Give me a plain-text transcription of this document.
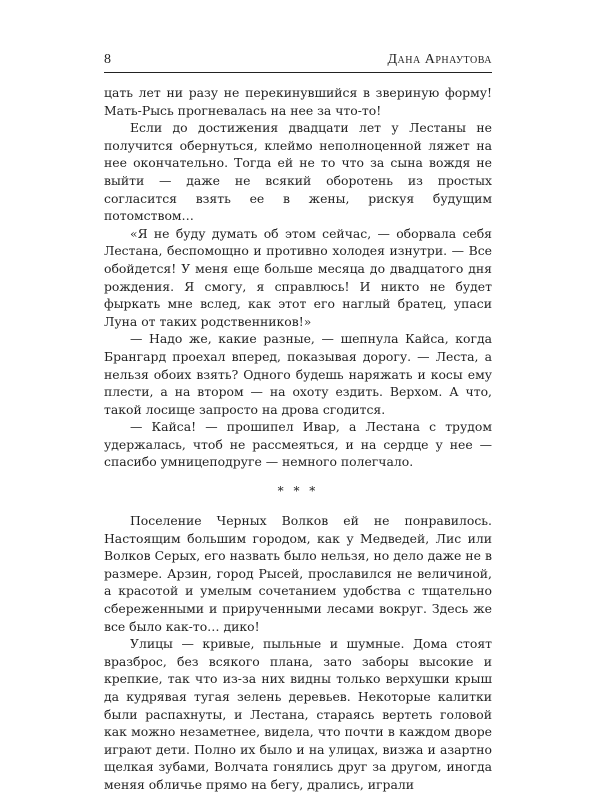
8	Дана Арнаутова

цать лет ни разу не перекинувшийся в звериную форму! Мать-Рысь прогневалась на нее за что-то!

Если до достижения двадцати лет у Лестаны не получится обернуться, клеймо неполноценной ляжет на нее окончательно. Тогда ей не то что за сына вождя не выйти — даже не всякий оборотень из простых согласится взять ее в жены, рискуя будущим потомством…

«Я не буду думать об этом сейчас, — оборвала себя Лестана, беспомощно и противно холодея изнутри. — Все обойдется! У меня еще больше месяца до двадцатого дня рождения. Я смогу, я справлюсь! И никто не будет фыркать мне вслед, как этот его наглый братец, упаси Луна от таких родственников!»

— Надо же, какие разные, — шепнула Кайса, когда Брангард проехал вперед, показывая дорогу. — Леста, а нельзя обоих взять? Одного будешь наряжать и косы ему плести, а на втором — на охоту ездить. Верхом. А что, такой лосище запросто на дрова сгодится.

— Кайса! — прошипел Ивар, а Лестана с трудом удержалась, чтоб не рассмеяться, и на сердце у нее — спасибо умницеподруге — немного полегчало.

* * *

Поселение Черных Волков ей не понравилось. Настоящим большим городом, как у Медведей, Лис или Волков Серых, его назвать было нельзя, но дело даже не в размере. Арзин, город Рысей, прославился не величиной, а красотой и умелым сочетанием удобства с тщательно сбереженными и прирученными лесами вокруг. Здесь же все было как-то… дико!

Улицы — кривые, пыльные и шумные. Дома стоят вразброс, без всякого плана, зато заборы высокие и крепкие, так что из-за них видны только верхушки крыш да кудрявая тугая зелень деревьев. Некоторые калитки были распахнуты, и Лестана, стараясь вертеть головой как можно незаметнее, видела, что почти в каждом дворе играют дети. Полно их было и на улицах, визжа и азартно щелкая зубами, Волчата гонялись друг за другом, иногда меняя обличье прямо на бегу, дрались, играли
